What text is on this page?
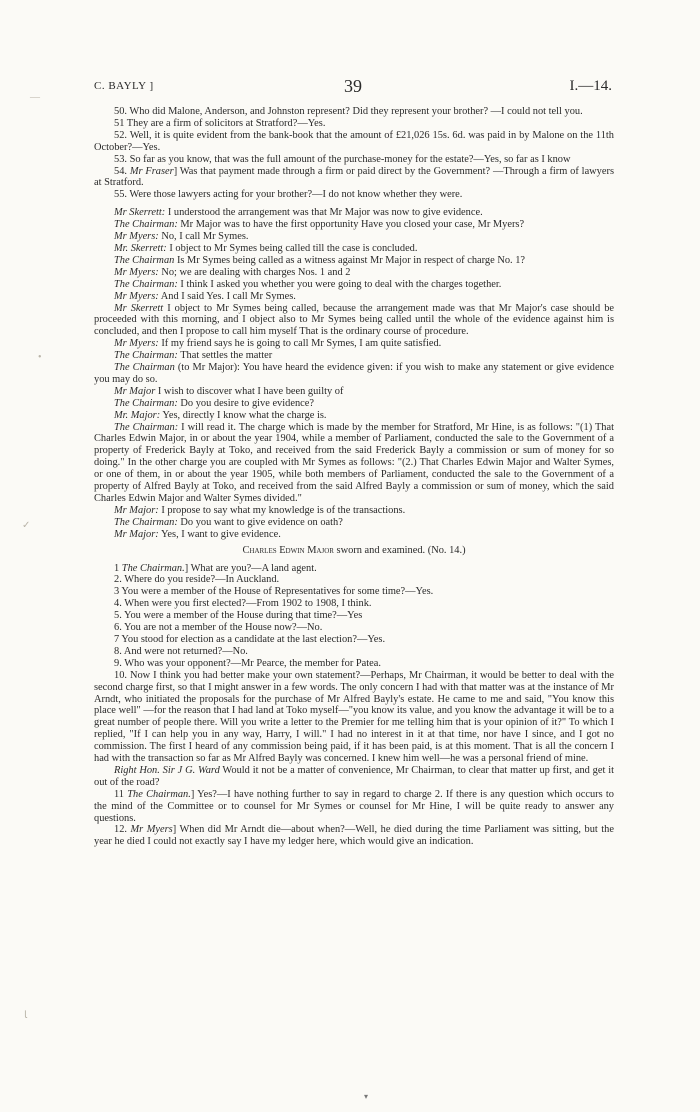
C. BAYLY ]	39	I.—14.
—
•
✓
ﺎ

50. Who did Malone, Anderson, and Johnston represent? Did they represent your brother? —I could not tell you.

51 They are a firm of solicitors at Stratford?—Yes.

52. Well, it is quite evident from the bank-book that the amount of £21,026 15s. 6d. was paid in by Malone on the 11th October?—Yes.

53. So far as you know, that was the full amount of the purchase-money for the estate?—Yes, so far as I know

54. Mr Fraser] Was that payment made through a firm or paid direct by the Government? —Through a firm of lawyers at Stratford.

55. Were those lawyers acting for your brother?—I do not know whether they were.

Mr Skerrett: I understood the arrangement was that Mr Major was now to give evidence.

The Chairman: Mr Major was to have the first opportunity Have you closed your case, Mr Myers?

Mr Myers: No, I call Mr Symes.

Mr. Skerrett: I object to Mr Symes being called till the case is concluded.

The Chairman Is Mr Symes being called as a witness against Mr Major in respect of charge No. 1?

Mr Myers: No; we are dealing with charges Nos. 1 and 2

The Chairman: I think I asked you whether you were going to deal with the charges together.

Mr Myers: And I said Yes. I call Mr Symes.

Mr Skerrett I object to Mr Symes being called, because the arrangement made was that Mr Major's case should be proceeded with this morning, and I object also to Mr Symes being called until the whole of the evidence against him is concluded, and then I propose to call him myself That is the ordinary course of procedure.

Mr Myers: If my friend says he is going to call Mr Symes, I am quite satisfied.

The Chairman: That settles the matter

The Chairman (to Mr Major): You have heard the evidence given: if you wish to make any statement or give evidence you may do so.

Mr Major I wish to discover what I have been guilty of

The Chairman: Do you desire to give evidence?

Mr. Major: Yes, directly I know what the charge is.

The Chairman: I will read it. The charge which is made by the member for Stratford, Mr Hine, is as follows: "(1) That Charles Edwin Major, in or about the year 1904, while a member of Parliament, conducted the sale to the Government of a property of Frederick Bayly at Toko, and received from the said Frederick Bayly a commission or sum of money for so doing." In the other charge you are coupled with Mr Symes as follows: "(2.) That Charles Edwin Major and Walter Symes, or one of them, in or about the year 1905, while both members of Parliament, conducted the sale to the Government of a property of Alfred Bayly at Toko, and received from the said Alfred Bayly a commission or sum of money, which the said Charles Edwin Major and Walter Symes divided."

Mr Major: I propose to say what my knowledge is of the transactions.

The Chairman: Do you want to give evidence on oath?

Mr Major: Yes, I want to give evidence.

Charles Edwin Major sworn and examined. (No. 14.)

1 The Chairman.] What are you?—A land agent.

2. Where do you reside?—In Auckland.

3 You were a member of the House of Representatives for some time?—Yes.

4. When were you first elected?—From 1902 to 1908, I think.

5. You were a member of the House during that time?—Yes

6. You are not a member of the House now?—No.

7 You stood for election as a candidate at the last election?—Yes.

8. And were not returned?—No.

9. Who was your opponent?—Mr Pearce, the member for Patea.

10. Now I think you had better make your own statement?—Perhaps, Mr Chairman, it would be better to deal with the second charge first, so that I might answer in a few words. The only concern I had with that matter was at the instance of Mr Arndt, who initiated the proposals for the purchase of Mr Alfred Bayly's estate. He came to me and said, "You know this place well" —for the reason that I had land at Toko myself—"you know its value, and you know the advantage it will be to a great number of people there. Will you write a letter to the Premier for me telling him that is your opinion of it?" To which I replied, "If I can help you in any way, Harry, I will." I had no interest in it at that time, nor have I since, and I got no commission. The first I heard of any commission being paid, if it has been paid, is at this moment. That is all the concern I had with the transaction so far as Mr Alfred Bayly was concerned. I knew him well—he was a personal friend of mine.

Right Hon. Sir J G. Ward Would it not be a matter of convenience, Mr Chairman, to clear that matter up first, and get it out of the road?

11 The Chairman.] Yes?—I have nothing further to say in regard to charge 2. If there is any question which occurs to the mind of the Committee or to counsel for Mr Symes or counsel for Mr Hine, I will be quite ready to answer any questions.

12. Mr Myers] When did Mr Arndt die—about when?—Well, he died during the time Parliament was sitting, but the year he died I could not exactly say I have my ledger here, which would give an indication.

▾
